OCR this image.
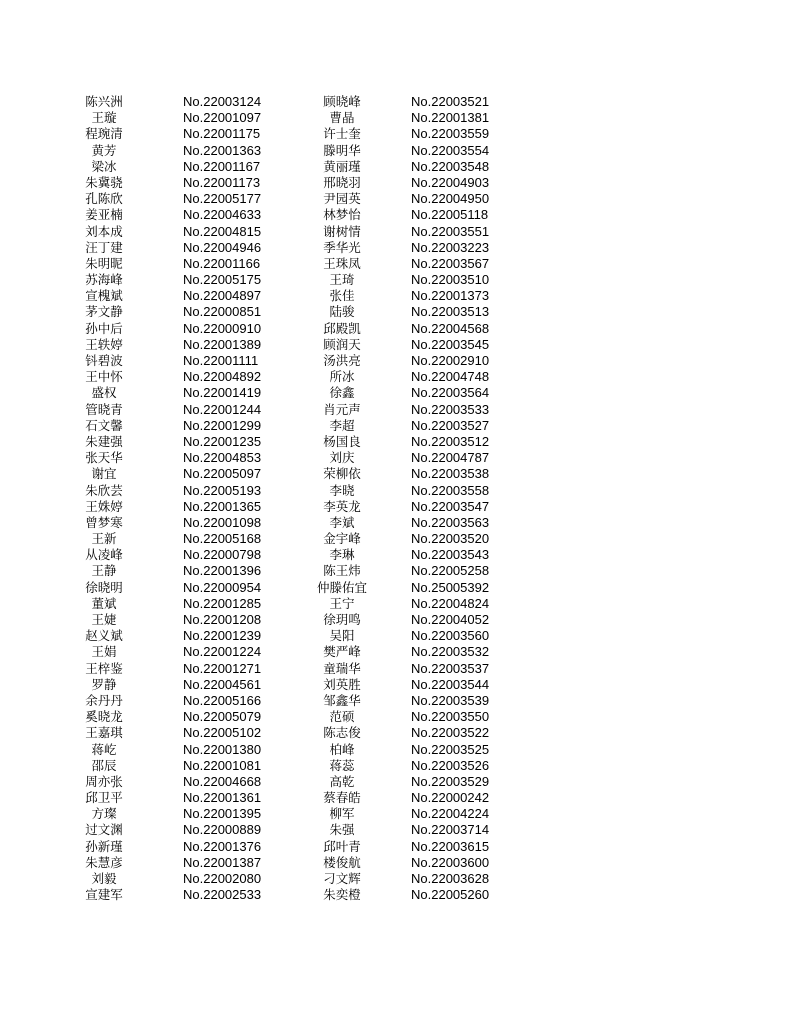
陈兴洲	No.22003124	顾晓峰	No.22003521
王璇	No.22001097	曹晶	No.22001381
程琬清	No.22001175	许士奎	No.22003559
黄芳	No.22001363	滕明华	No.22003554
梁冰	No.22001167	黄丽瑾	No.22003548
朱冀骁	No.22001173	邢晓羽	No.22004903
孔陈欣	No.22005177	尹园英	No.22004950
姜亚楠	No.22004633	林梦怡	No.22005118
刘本成	No.22004815	谢树情	No.22003551
汪丁建	No.22004946	季华光	No.22003223
朱明昵	No.22001166	王珠凤	No.22003567
苏海峰	No.22005175	王琦	No.22003510
宣槐斌	No.22004897	张佳	No.22001373
茅文静	No.22000851	陆骏	No.22003513
孙中后	No.22000910	邱殿凯	No.22004568
王轶婷	No.22001389	顾润天	No.22003545
钭碧波	No.22001111	汤洪亮	No.22002910
王中怀	No.22004892	所冰	No.22004748
盛权	No.22001419	徐鑫	No.22003564
管晓青	No.22001244	肖元声	No.22003533
石文馨	No.22001299	李超	No.22003527
朱建强	No.22001235	杨国良	No.22003512
张天华	No.22004853	刘庆	No.22004787
谢宜	No.22005097	荣柳依	No.22003538
朱欣芸	No.22005193	李晓	No.22003558
王姝婷	No.22001365	李英龙	No.22003547
曾梦寒	No.22001098	李斌	No.22003563
王新	No.22005168	金宇峰	No.22003520
从凌峰	No.22000798	李琳	No.22003543
王静	No.22001396	陈王炜	No.22005258
徐晓明	No.22000954	仲滕佑宜	No.25005392
董斌	No.22001285	王宁	No.22004824
王婕	No.22001208	徐玥鸣	No.22004052
赵义斌	No.22001239	吴阳	No.22003560
王娟	No.22001224	樊严峰	No.22003532
王梓鉴	No.22001271	童瑞华	No.22003537
罗静	No.22004561	刘英胜	No.22003544
余丹丹	No.22005166	邹鑫华	No.22003539
奚晓龙	No.22005079	范硕	No.22003550
王嘉琪	No.22005102	陈志俊	No.22003522
蒋屹	No.22001380	柏峰	No.22003525
邵辰	No.22001081	蒋蕊	No.22003526
周亦张	No.22004668	高乾	No.22003529
邱卫平	No.22001361	蔡春皓	No.22000242
方璨	No.22001395	柳军	No.22004224
过文渊	No.22000889	朱强	No.22003714
孙新瑾	No.22001376	邱叶青	No.22003615
朱慧彦	No.22001387	楼俊航	No.22003600
刘毅	No.22002080	刁文辉	No.22003628
宣建军	No.22002533	朱奕橙	No.22005260
